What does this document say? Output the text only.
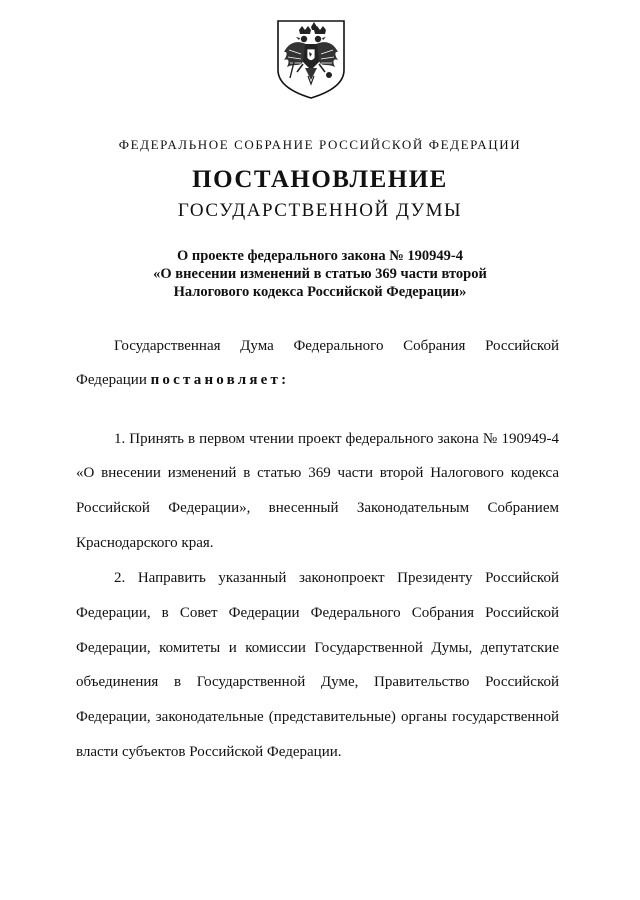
ФЕДЕРАЛЬНОЕ СОБРАНИЕ РОССИЙСКОЙ ФЕДЕРАЦИИ
ПОСТАНОВЛЕНИЕ
ГОСУДАРСТВЕННОЙ ДУМЫ
О проекте федерального закона № 190949-4
«О внесении изменений в статью 369 части второй
Налогового кодекса Российской Федерации»
Государственная Дума Федерального Собрания Российской
Федерации постановляет:
1. Принять в первом чтении проект федерального закона № 190949-4
«О внесении изменений в статью 369 части второй Налогового кодекса
Российской Федерации», внесенный Законодательным Собранием
Краснодарского края.
2. Направить указанный законопроект Президенту Российской
Федерации, в Совет Федерации Федерального Собрания Российской
Федерации, комитеты и комиссии Государственной Думы, депутатские
объединения в Государственной Думе, Правительство Российской
Федерации, законодательные (представительные) органы государственной
власти субъектов Российской Федерации.
